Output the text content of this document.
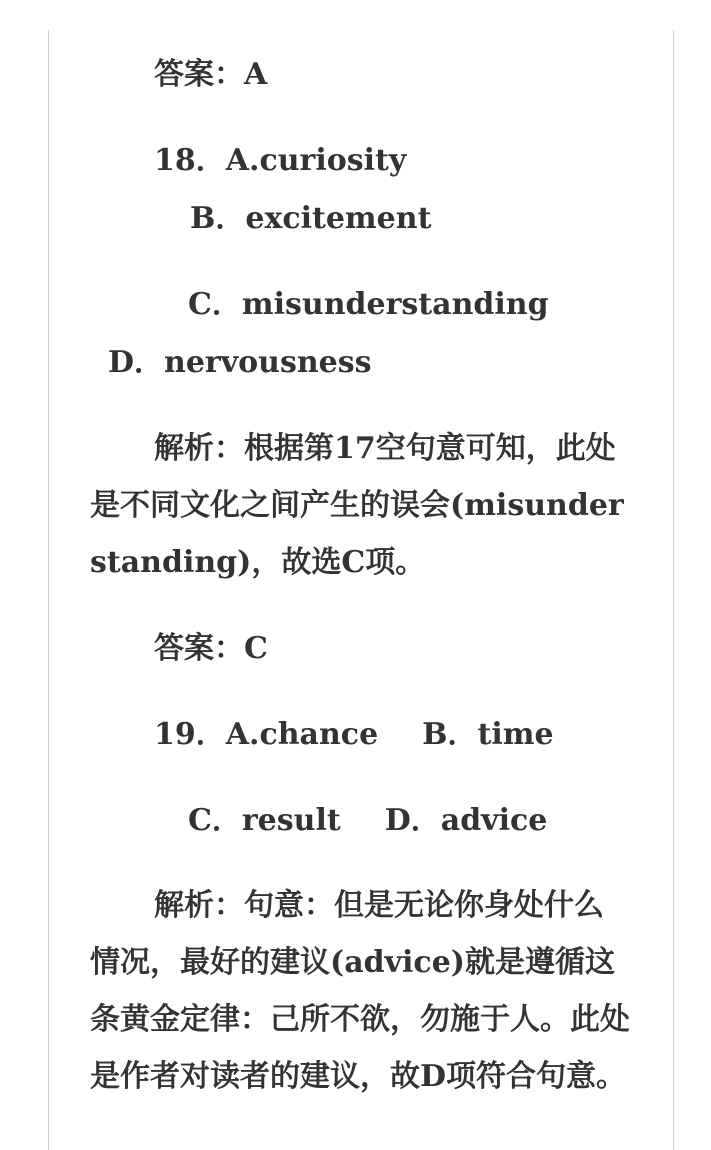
答案：A

18．A.curiosity

B．excitement

C．misunderstanding

D．nervousness

解析：根据第17空句意可知，此处是不同文化之间产生的误会(misunderstanding)，故选C项。

答案：C

19．A.chance B．time

C．result D．advice

解析：句意：但是无论你身处什么情况，最好的建议(advice)就是遵循这条黄金定律：己所不欲，勿施于人。此处是作者对读者的建议，故D项符合句意。
